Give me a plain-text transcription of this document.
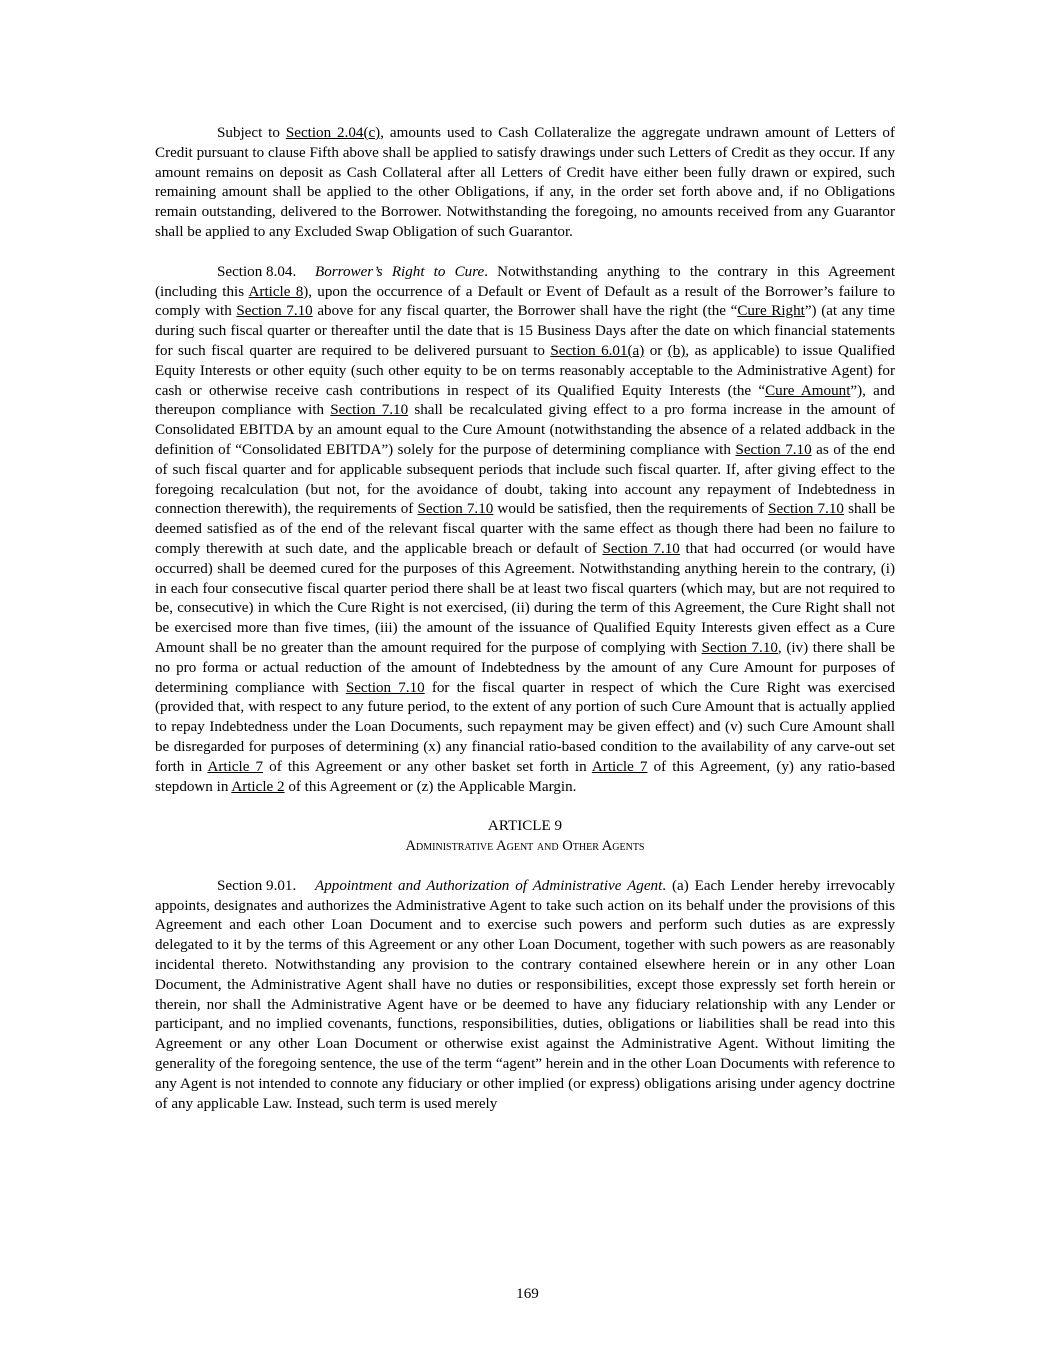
Subject to Section 2.04(c), amounts used to Cash Collateralize the aggregate undrawn amount of Letters of Credit pursuant to clause Fifth above shall be applied to satisfy drawings under such Letters of Credit as they occur. If any amount remains on deposit as Cash Collateral after all Letters of Credit have either been fully drawn or expired, such remaining amount shall be applied to the other Obligations, if any, in the order set forth above and, if no Obligations remain outstanding, delivered to the Borrower. Notwithstanding the foregoing, no amounts received from any Guarantor shall be applied to any Excluded Swap Obligation of such Guarantor.

Section 8.04. Borrower’s Right to Cure. Notwithstanding anything to the contrary in this Agreement (including this Article 8), upon the occurrence of a Default or Event of Default as a result of the Borrower’s failure to comply with Section 7.10 above for any fiscal quarter, the Borrower shall have the right (the “Cure Right”) (at any time during such fiscal quarter or thereafter until the date that is 15 Business Days after the date on which financial statements for such fiscal quarter are required to be delivered pursuant to Section 6.01(a) or (b), as applicable) to issue Qualified Equity Interests or other equity (such other equity to be on terms reasonably acceptable to the Administrative Agent) for cash or otherwise receive cash contributions in respect of its Qualified Equity Interests (the “Cure Amount”), and thereupon compliance with Section 7.10 shall be recalculated giving effect to a pro forma increase in the amount of Consolidated EBITDA by an amount equal to the Cure Amount (notwithstanding the absence of a related addback in the definition of “Consolidated EBITDA”) solely for the purpose of determining compliance with Section 7.10 as of the end of such fiscal quarter and for applicable subsequent periods that include such fiscal quarter. If, after giving effect to the foregoing recalculation (but not, for the avoidance of doubt, taking into account any repayment of Indebtedness in connection therewith), the requirements of Section 7.10 would be satisfied, then the requirements of Section 7.10 shall be deemed satisfied as of the end of the relevant fiscal quarter with the same effect as though there had been no failure to comply therewith at such date, and the applicable breach or default of Section 7.10 that had occurred (or would have occurred) shall be deemed cured for the purposes of this Agreement. Notwithstanding anything herein to the contrary, (i) in each four consecutive fiscal quarter period there shall be at least two fiscal quarters (which may, but are not required to be, consecutive) in which the Cure Right is not exercised, (ii) during the term of this Agreement, the Cure Right shall not be exercised more than five times, (iii) the amount of the issuance of Qualified Equity Interests given effect as a Cure Amount shall be no greater than the amount required for the purpose of complying with Section 7.10, (iv) there shall be no pro forma or actual reduction of the amount of Indebtedness by the amount of any Cure Amount for purposes of determining compliance with Section 7.10 for the fiscal quarter in respect of which the Cure Right was exercised (provided that, with respect to any future period, to the extent of any portion of such Cure Amount that is actually applied to repay Indebtedness under the Loan Documents, such repayment may be given effect) and (v) such Cure Amount shall be disregarded for purposes of determining (x) any financial ratio-based condition to the availability of any carve-out set forth in Article 7 of this Agreement or any other basket set forth in Article 7 of this Agreement, (y) any ratio-based stepdown in Article 2 of this Agreement or (z) the Applicable Margin.

ARTICLE 9
Administrative Agent and Other Agents

Section 9.01. Appointment and Authorization of Administrative Agent. (a) Each Lender hereby irrevocably appoints, designates and authorizes the Administrative Agent to take such action on its behalf under the provisions of this Agreement and each other Loan Document and to exercise such powers and perform such duties as are expressly delegated to it by the terms of this Agreement or any other Loan Document, together with such powers as are reasonably incidental thereto. Notwithstanding any provision to the contrary contained elsewhere herein or in any other Loan Document, the Administrative Agent shall have no duties or responsibilities, except those expressly set forth herein or therein, nor shall the Administrative Agent have or be deemed to have any fiduciary relationship with any Lender or participant, and no implied covenants, functions, responsibilities, duties, obligations or liabilities shall be read into this Agreement or any other Loan Document or otherwise exist against the Administrative Agent. Without limiting the generality of the foregoing sentence, the use of the term “agent” herein and in the other Loan Documents with reference to any Agent is not intended to connote any fiduciary or other implied (or express) obligations arising under agency doctrine of any applicable Law. Instead, such term is used merely

169
